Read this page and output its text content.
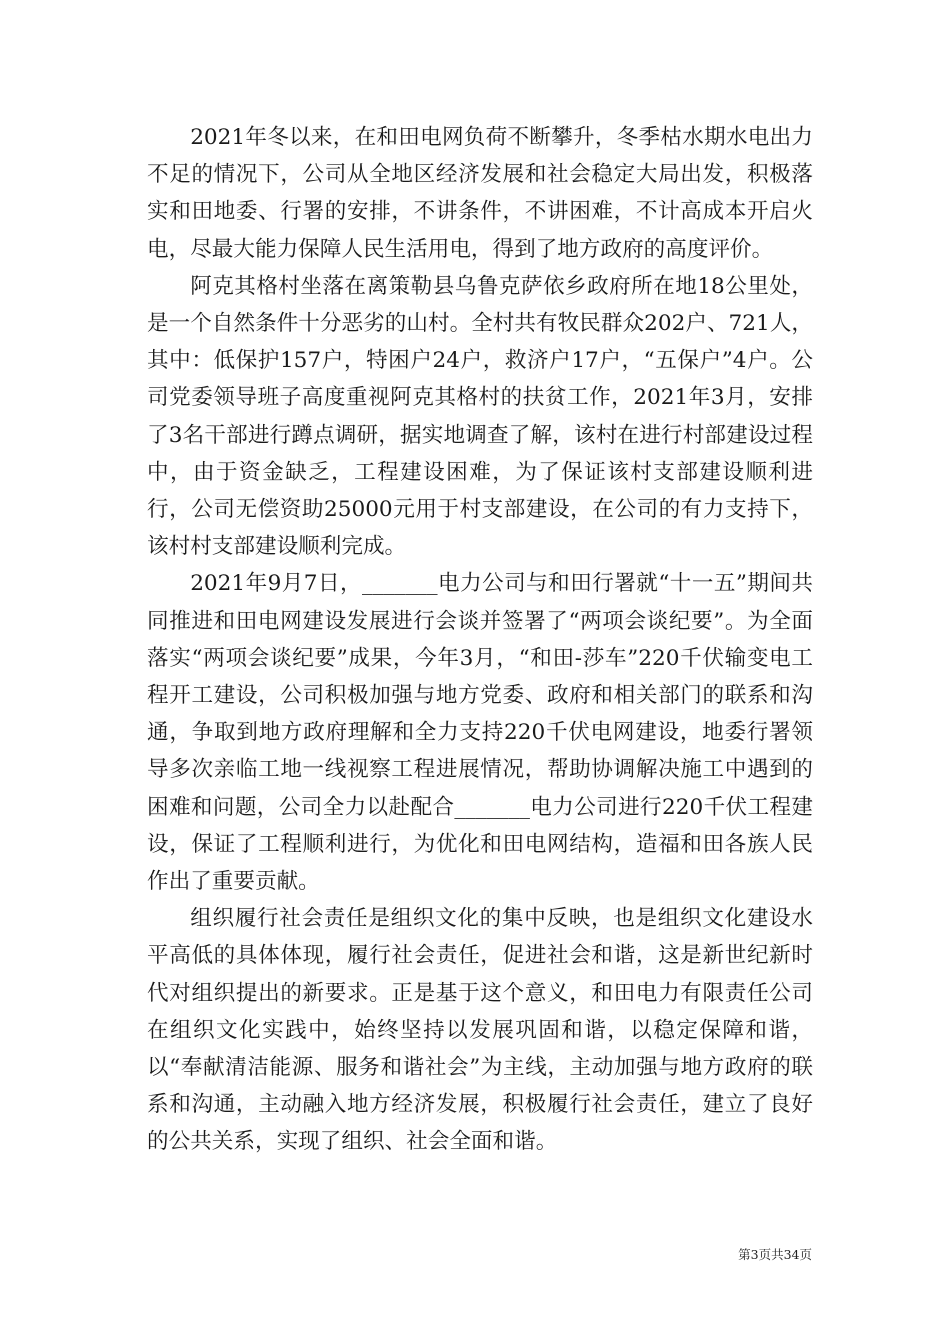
2021年冬以来，在和田电网负荷不断攀升，冬季枯水期水电出力不足的情况下，公司从全地区经济发展和社会稳定大局出发，积极落实和田地委、行署的安排，不讲条件，不讲困难，不计高成本开启火电，尽最大能力保障人民生活用电，得到了地方政府的高度评价。

阿克其格村坐落在离策勒县乌鲁克萨依乡政府所在地18公里处，是一个自然条件十分恶劣的山村。全村共有牧民群众202户、721人，其中：低保护157户，特困户24户，救济户17户，“五保户”4户。公司党委领导班子高度重视阿克其格村的扶贫工作，2021年3月，安排了3名干部进行蹲点调研，据实地调查了解，该村在进行村部建设过程中，由于资金缺乏，工程建设困难，为了保证该村支部建设顺利进行，公司无偿资助25000元用于村支部建设，在公司的有力支持下，该村村支部建设顺利完成。

2021年9月7日，_______电力公司与和田行署就“十一五”期间共同推进和田电网建设发展进行会谈并签署了“两项会谈纪要”。为全面落实“两项会谈纪要”成果，今年3月，“和田-莎车”220千伏输变电工程开工建设，公司积极加强与地方党委、政府和相关部门的联系和沟通，争取到地方政府理解和全力支持220千伏电网建设，地委行署领导多次亲临工地一线视察工程进展情况，帮助协调解决施工中遇到的困难和问题，公司全力以赴配合_______电力公司进行220千伏工程建设，保证了工程顺利进行，为优化和田电网结构，造福和田各族人民作出了重要贡献。

组织履行社会责任是组织文化的集中反映，也是组织文化建设水平高低的具体体现，履行社会责任，促进社会和谐，这是新世纪新时代对组织提出的新要求。正是基于这个意义，和田电力有限责任公司在组织文化实践中，始终坚持以发展巩固和谐，以稳定保障和谐，以“奉献清洁能源、服务和谐社会”为主线，主动加强与地方政府的联系和沟通，主动融入地方经济发展，积极履行社会责任，建立了良好的公共关系，实现了组织、社会全面和谐。

第3页共34页
